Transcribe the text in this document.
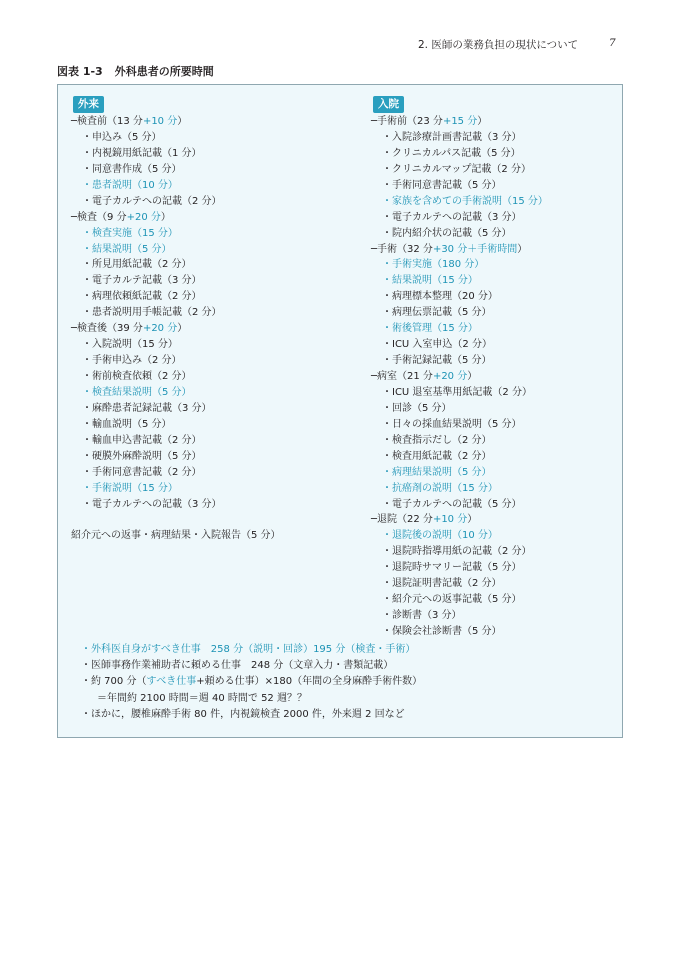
2. 医師の業務負担の現状について	7
図表 1-3 外科患者の所要時間
外来
─検査前（13 分+10 分）
・申込み（5 分）
・内視鏡用紙記載（1 分）
・同意書作成（5 分）
・患者説明（10 分）
・電子カルテへの記載（2 分）
─検査（9 分+20 分）
・検査実施（15 分）
・結果説明（5 分）
・所見用紙記載（2 分）
・電子カルテ記載（3 分）
・病理依頼紙記載（2 分）
・患者説明用手帳記載（2 分）
─検査後（39 分+20 分）
・入院説明（15 分）
・手術申込み（2 分）
・術前検査依頼（2 分）
・検査結果説明（5 分）
・麻酔患者記録記載（3 分）
・輸血説明（5 分）
・輸血申込書記載（2 分）
・硬膜外麻酔説明（5 分）
・手術同意書記載（2 分）
・手術説明（15 分）
・電子カルテへの記載（3 分）
紹介元への返事・病理結果・入院報告（5 分）
入院
─手術前（23 分+15 分）
・入院診療計画書記載（3 分）
・クリニカルパス記載（5 分）
・クリニカルマップ記載（2 分）
・手術同意書記載（5 分）
・家族を含めての手術説明（15 分）
・電子カルテへの記載（3 分）
・院内紹介状の記載（5 分）
─手術（32 分+30 分＋手術時間）
・手術実施（180 分）
・結果説明（15 分）
・病理標本整理（20 分）
・病理伝票記載（5 分）
・術後管理（15 分）
・ICU 入室申込（2 分）
・手術記録記載（5 分）
─病室（21 分+20 分）
・ICU 退室基準用紙記載（2 分）
・回診（5 分）
・日々の採血結果説明（5 分）
・検査指示だし（2 分）
・検査用紙記載（2 分）
・病理結果説明（5 分）
・抗癌剤の説明（15 分）
・電子カルテへの記載（5 分）
─退院（22 分+10 分）
・退院後の説明（10 分）
・退院時指導用紙の記載（2 分）
・退院時サマリー記載（5 分）
・退院証明書記載（2 分）
・紹介元への返事記載（5 分）
・診断書（3 分）
・保険会社診断書（5 分）
・外科医自身がすべき仕事　258 分（説明・回診）195 分（検査・手術）
・医師事務作業補助者に頼める仕事　248 分（文章入力・書類記載）
・約 700 分（すべき仕事+頼める仕事）×180（年間の全身麻酔手術件数）
＝年間約 2100 時間＝週 40 時間で 52 週？？
・ほかに，腰椎麻酔手術 80 件，内視鏡検査 2000 件，外来週 2 回など
